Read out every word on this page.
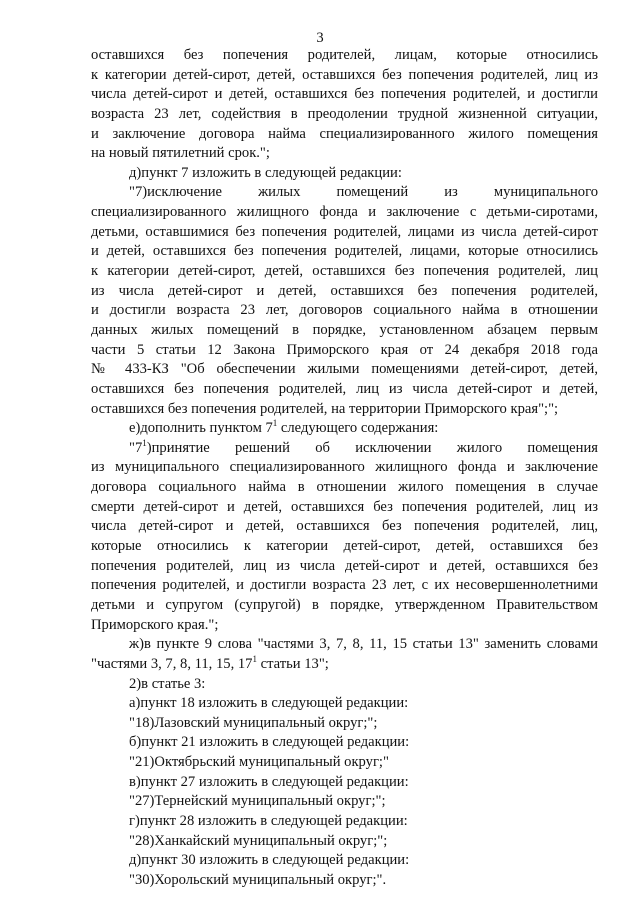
3
оставшихся без попечения родителей, лицам, которые относились
к категории детей-сирот, детей, оставшихся без попечения родителей, лиц из
числа детей-сирот и детей, оставшихся без попечения родителей, и достигли
возраста 23 лет, содействия в преодолении трудной жизненной ситуации,
и заключение договора найма специализированного жилого помещения
на новый пятилетний срок.";
д)пункт 7 изложить в следующей редакции:
"7)исключение жилых помещений из муниципального
специализированного жилищного фонда и заключение с детьми-сиротами,
детьми, оставшимися без попечения родителей, лицами из числа детей-сирот
и детей, оставшихся без попечения родителей, лицами, которые относились
к категории детей-сирот, детей, оставшихся без попечения родителей, лиц
из числа детей-сирот и детей, оставшихся без попечения родителей,
и достигли возраста 23 лет, договоров социального найма в отношении
данных жилых помещений в порядке, установленном абзацем первым
части 5 статьи 12 Закона Приморского края от 24 декабря 2018 года
№ 433-КЗ "Об обеспечении жилыми помещениями детей-сирот, детей,
оставшихся без попечения родителей, лиц из числа детей-сирот и детей,
оставшихся без попечения родителей, на территории Приморского края";";
е)дополнить пунктом $7^1$ следующего содержания:
"$7^1)принятие$ решений об исключении жилого помещения
из муниципального специализированного жилищного фонда и заключение
договора социального найма в отношении жилого помещения в случае
смерти детей-сирот и детей, оставшихся без попечения родителей, лиц из
числа детей-сирот и детей, оставшихся без попечения родителей, лиц,
которые относились к категории детей-сирот, детей, оставшихся без
попечения родителей, лиц из числа детей-сирот и детей, оставшихся без
попечения родителей, и достигли возраста 23 лет, с их несовершеннолетними
детьми и супругом (супругой) в порядке, утвержденном Правительством
Приморского края.";
ж)в пункте 9 слова "частями 3, 7, 8, 11, 15 статьи 13" заменить словами
"частями 3, 7, 8, 11, 15, $17^1$ статьи 13";
2)в статье 3:
а)пункт 18 изложить в следующей редакции:
"18)Лазовский муниципальный округ;";
б)пункт 21 изложить в следующей редакции:
"21)Октябрьский муниципальный округ;"
в)пункт 27 изложить в следующей редакции:
"27)Тернейский муниципальный округ;";
г)пункт 28 изложить в следующей редакции:
"28)Ханкайский муниципальный округ;";
д)пункт 30 изложить в следующей редакции:
"30)Хорольский муниципальный округ;".
